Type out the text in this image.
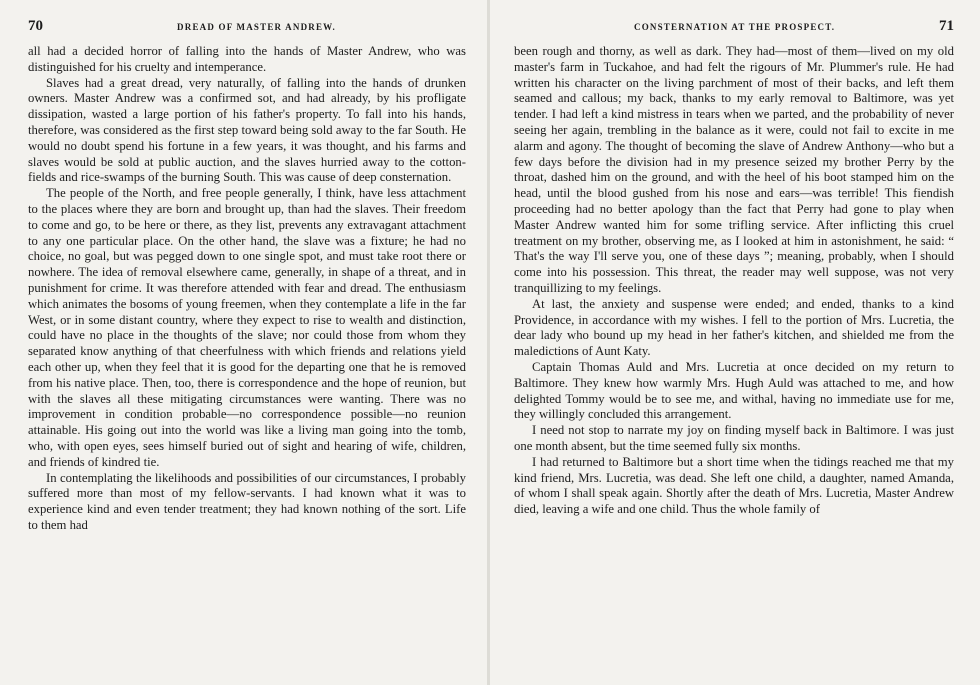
70	DREAD OF MASTER ANDREW.

all had a decided horror of falling into the hands of Master Andrew, who was distinguished for his cruelty and intemperance.

Slaves had a great dread, very naturally, of falling into the hands of drunken owners. Master Andrew was a confirmed sot, and had already, by his profligate dissipation, wasted a large portion of his father's property. To fall into his hands, therefore, was considered as the first step toward being sold away to the far South. He would no doubt spend his fortune in a few years, it was thought, and his farms and slaves would be sold at public auction, and the slaves hurried away to the cotton-fields and rice-swamps of the burning South. This was cause of deep consternation.

The people of the North, and free people generally, I think, have less attachment to the places where they are born and brought up, than had the slaves. Their freedom to come and go, to be here or there, as they list, prevents any extravagant attachment to any one particular place. On the other hand, the slave was a fixture; he had no choice, no goal, but was pegged down to one single spot, and must take root there or nowhere. The idea of removal elsewhere came, generally, in shape of a threat, and in punishment for crime. It was therefore attended with fear and dread. The enthusiasm which animates the bosoms of young freemen, when they contemplate a life in the far West, or in some distant country, where they expect to rise to wealth and distinction, could have no place in the thoughts of the slave; nor could those from whom they separated know anything of that cheerfulness with which friends and relations yield each other up, when they feel that it is good for the departing one that he is removed from his native place. Then, too, there is correspondence and the hope of reunion, but with the slaves all these mitigating circumstances were wanting. There was no improvement in condition probable—no correspondence possible—no reunion attainable. His going out into the world was like a living man going into the tomb, who, with open eyes, sees himself buried out of sight and hearing of wife, children, and friends of kindred tie.

In contemplating the likelihoods and possibilities of our circumstances, I probably suffered more than most of my fellow-servants. I had known what it was to experience kind and even tender treatment; they had known nothing of the sort. Life to them had

CONSTERNATION AT THE PROSPECT.	71

been rough and thorny, as well as dark. They had—most of them—lived on my old master's farm in Tuckahoe, and had felt the rigours of Mr. Plummer's rule. He had written his character on the living parchment of most of their backs, and left them seamed and callous; my back, thanks to my early removal to Baltimore, was yet tender. I had left a kind mistress in tears when we parted, and the probability of never seeing her again, trembling in the balance as it were, could not fail to excite in me alarm and agony. The thought of becoming the slave of Andrew Anthony—who but a few days before the division had in my presence seized my brother Perry by the throat, dashed him on the ground, and with the heel of his boot stamped him on the head, until the blood gushed from his nose and ears—was terrible! This fiendish proceeding had no better apology than the fact that Perry had gone to play when Master Andrew wanted him for some trifling service. After inflicting this cruel treatment on my brother, observing me, as I looked at him in astonishment, he said: “ That's the way I'll serve you, one of these days ”; meaning, probably, when I should come into his possession. This threat, the reader may well suppose, was not very tranquillizing to my feelings.

At last, the anxiety and suspense were ended; and ended, thanks to a kind Providence, in accordance with my wishes. I fell to the portion of Mrs. Lucretia, the dear lady who bound up my head in her father's kitchen, and shielded me from the maledictions of Aunt Katy.

Captain Thomas Auld and Mrs. Lucretia at once decided on my return to Baltimore. They knew how warmly Mrs. Hugh Auld was attached to me, and how delighted Tommy would be to see me, and withal, having no immediate use for me, they willingly concluded this arrangement.

I need not stop to narrate my joy on finding myself back in Baltimore. I was just one month absent, but the time seemed fully six months.

I had returned to Baltimore but a short time when the tidings reached me that my kind friend, Mrs. Lucretia, was dead. She left one child, a daughter, named Amanda, of whom I shall speak again. Shortly after the death of Mrs. Lucretia, Master Andrew died, leaving a wife and one child. Thus the whole family of
